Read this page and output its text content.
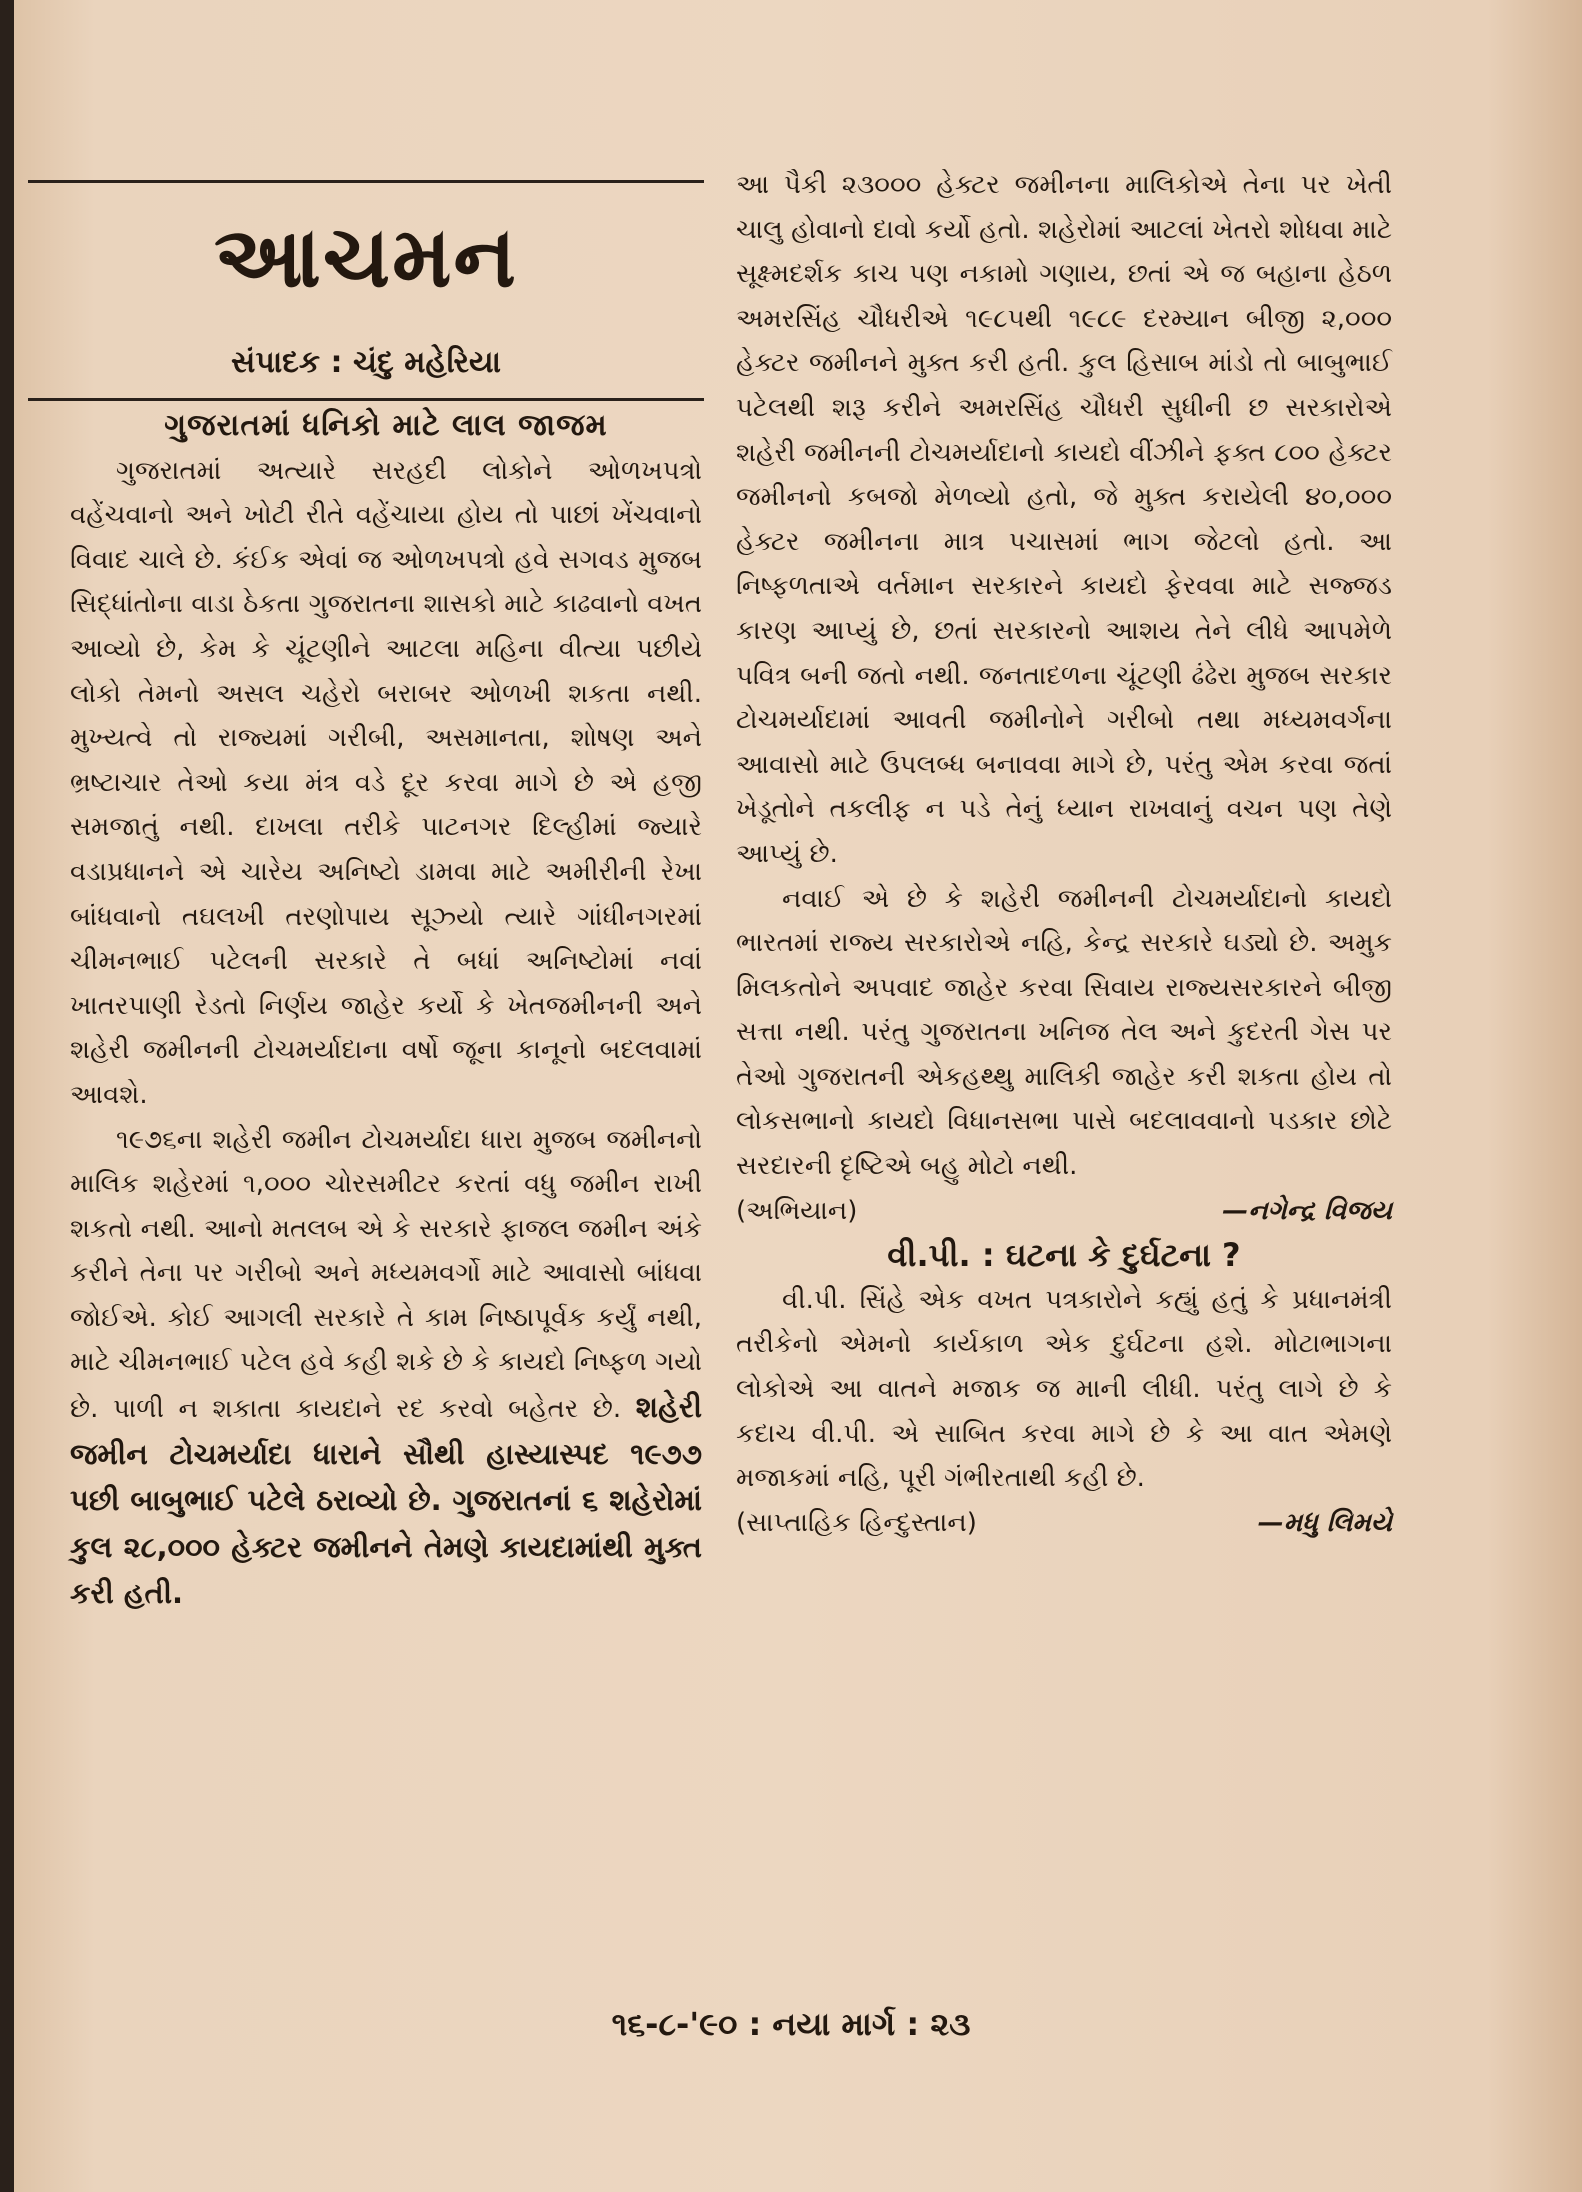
આચમન
સંપાદક : ચંદુ મહેરિયા

ગુજરાતમાં ધનિકો માટે લાલ જાજમ

ગુજરાતમાં અત્યારે સરહદી લોકોને ઓળખપત્રો વહેંચવાનો અને ખોટી રીતે વહેંચાયા હોય તો પાછાં ખેંચવાનો વિવાદ ચાલે છે. કંઈક એવાં જ ઓળખપત્રો હવે સગવડ મુજબ સિદ્ધાંતોના વાડા ઠેકતા ગુજરાતના શાસકો માટે કાઢવાનો વખત આવ્યો છે, કેમ કે ચૂંટણીને આટલા મહિના વીત્યા પછીયે લોકો તેમનો અસલ ચહેરો બરાબર ઓળખી શકતા નથી. મુખ્યત્વે તો રાજ્યમાં ગરીબી, અસમાનતા, શોષણ અને ભ્રષ્ટાચાર તેઓ કયા મંત્ર વડે દૂર કરવા માગે છે એ હજી સમજાતું નથી. દાખલા તરીકે પાટનગર દિલ્હીમાં જ્યારે વડાપ્રધાનને એ ચારેય અનિષ્ટો ડામવા માટે અમીરીની રેખા બાંધવાનો તઘલખી તરણોપાય સૂઝ્યો ત્યારે ગાંધીનગરમાં ચીમનભાઈ પટેલની સરકારે તે બધાં અનિષ્ટોમાં નવાં ખાતરપાણી રેડતો નિર્ણય જાહેર કર્યો કે ખેતજમીનની અને શહેરી જમીનની ટોચમર્યાદાના વર્ષો જૂના કાનૂનો બદલવામાં આવશે.

૧૯૭૬ના શહેરી જમીન ટોચમર્યાદા ધારા મુજબ જમીનનો માલિક શહેરમાં ૧,૦૦૦ ચોરસમીટર કરતાં વધુ જમીન રાખી શકતો નથી. આનો મતલબ એ કે સરકારે ફાજલ જમીન અંકે કરીને તેના પર ગરીબો અને મધ્યમવર્ગો માટે આવાસો બાંધવા જોઈએ. કોઈ આગલી સરકારે તે કામ નિષ્ઠાપૂર્વક કર્યું નથી, માટે ચીમનભાઈ પટેલ હવે કહી શકે છે કે કાયદો નિષ્ફળ ગયો છે. પાળી ન શકાતા કાયદાને રદ કરવો બહેતર છે. શહેરી જમીન ટોચમર્યાદા ધારાને સૌથી હાસ્યાસ્પદ ૧૯૭૭ પછી બાબુભાઈ પટેલે ઠરાવ્યો છે. ગુજરાતનાં ૬ શહેરોમાં કુલ ૨૮,૦૦૦ હેક્ટર જમીનને તેમણે કાયદામાંથી મુક્ત કરી હતી.

આ પૈકી ૨૩૦૦૦ હેક્ટર જમીનના માલિકોએ તેના પર ખેતી ચાલુ હોવાનો દાવો કર્યો હતો. શહેરોમાં આટલાં ખેતરો શોધવા માટે સૂક્ષ્મદર્શક કાચ પણ નકામો ગણાય, છતાં એ જ બહાના હેઠળ અમરસિંહ ચૌધરીએ ૧૯૮૫થી ૧૯૮૯ દરમ્યાન બીજી ૨,૦૦૦ હેક્ટર જમીનને મુક્ત કરી હતી. કુલ હિસાબ માંડો તો બાબુભાઈ પટેલથી શરૂ કરીને અમરસિંહ ચૌધરી સુધીની છ સરકારોએ શહેરી જમીનની ટોચમર્યાદાનો કાયદો વીંઝીને ફક્ત ૮૦૦ હેક્ટર જમીનનો કબજો મેળવ્યો હતો, જે મુક્ત કરાયેલી ૪૦,૦૦૦ હેક્ટર જમીનના માત્ર પચાસમાં ભાગ જેટલો હતો. આ નિષ્ફળતાએ વર્તમાન સરકારને કાયદો ફેરવવા માટે સજ્જડ કારણ આપ્યું છે, છતાં સરકારનો આશય તેને લીધે આપમેળે પવિત્ર બની જતો નથી. જનતાદળના ચૂંટણી ઢંઢેરા મુજબ સરકાર ટોચમર્યાદામાં આવતી જમીનોને ગરીબો તથા મધ્યમવર્ગના આવાસો માટે ઉપલબ્ધ બનાવવા માગે છે, પરંતુ એમ કરવા જતાં ખેડૂતોને તકલીફ ન પડે તેનું ધ્યાન રાખવાનું વચન પણ તેણે આપ્યું છે.

નવાઈ એ છે કે શહેરી જમીનની ટોચમર્યાદાનો કાયદો ભારતમાં રાજ્ય સરકારોએ નહિ, કેન્દ્ર સરકારે ઘડ્યો છે. અમુક મિલકતોને અપવાદ જાહેર કરવા સિવાય રાજ્યસરકારને બીજી સત્તા નથી. પરંતુ ગુજરાતના ખનિજ તેલ અને કુદરતી ગેસ પર તેઓ ગુજરાતની એકહથ્થુ માલિકી જાહેર કરી શકતા હોય તો લોકસભાનો કાયદો વિધાનસભા પાસે બદલાવવાનો પડકાર છોટે સરદારની દૃષ્ટિએ બહુ મોટો નથી.

(અભિયાન)	—નગેન્દ્ર વિજય

વી.પી. : ઘટના કે દુર્ઘટના ?

વી.પી. સિંહે એક વખત પત્રકારોને કહ્યું હતું કે પ્રધાનમંત્રી તરીકેનો એમનો કાર્યકાળ એક દુર્ઘટના હશે. મોટાભાગના લોકોએ આ વાતને મજાક જ માની લીધી. પરંતુ લાગે છે કે કદાચ વી.પી. એ સાબિત કરવા માગે છે કે આ વાત એમણે મજાકમાં નહિ, પૂરી ગંભીરતાથી કહી છે.

(સાપ્તાહિક હિન્દુસ્તાન)	—મધુ લિમયે
૧૬-૮-'૯૦ : નયા માર્ગ : ૨૩
